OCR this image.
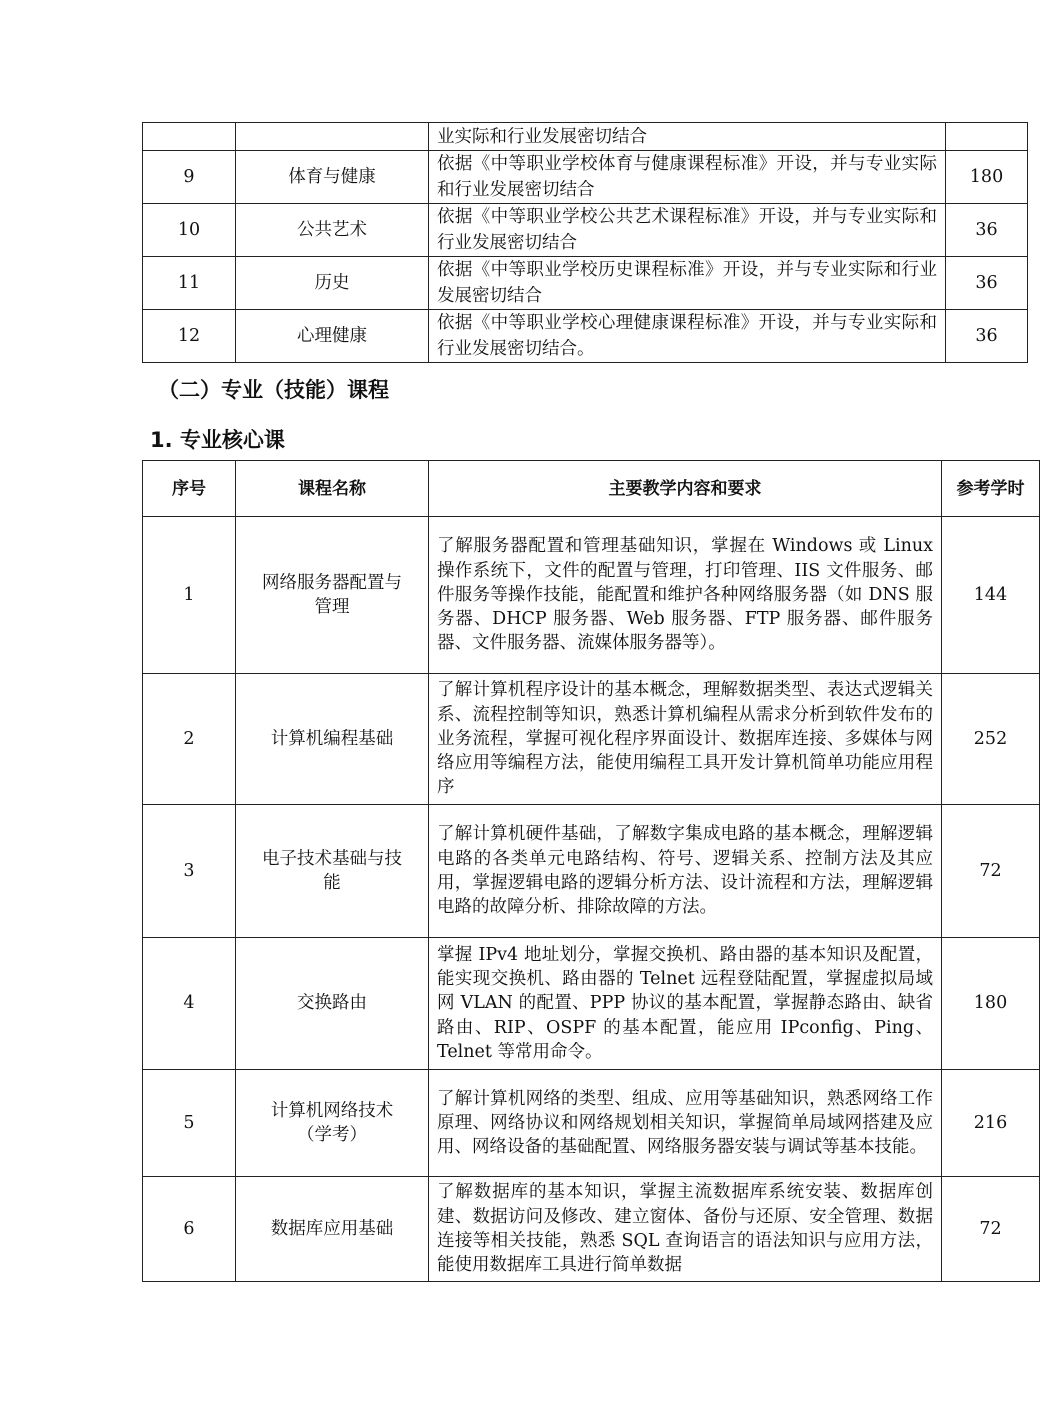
		业实际和行业发展密切结合	
9	体育与健康	依据《中等职业学校体育与健康课程标准》开设，并与专业实际和行业发展密切结合	180
10	公共艺术	依据《中等职业学校公共艺术课程标准》开设，并与专业实际和行业发展密切结合	36
11	历史	依据《中等职业学校历史课程标准》开设，并与专业实际和行业发展密切结合	36
12	心理健康	依据《中等职业学校心理健康课程标准》开设，并与专业实际和行业发展密切结合。	36
（二）专业（技能）课程
1. 专业核心课
序号	课程名称	主要教学内容和要求	参考学时
1	网络服务器配置与管理	了解服务器配置和管理基础知识，掌握在 Windows 或 Linux 操作系统下，文件的配置与管理，打印管理、IIS 文件服务、邮件服务等操作技能，能配置和维护各种网络服务器（如 DNS 服务器、DHCP 服务器、Web 服务器、FTP 服务器、邮件服务器、文件服务器、流媒体服务器等）。	144
2	计算机编程基础	了解计算机程序设计的基本概念，理解数据类型、表达式逻辑关系、流程控制等知识，熟悉计算机编程从需求分析到软件发布的业务流程，掌握可视化程序界面设计、数据库连接、多媒体与网络应用等编程方法，能使用编程工具开发计算机简单功能应用程序	252
3	电子技术基础与技能	了解计算机硬件基础，了解数字集成电路的基本概念，理解逻辑电路的各类单元电路结构、符号、逻辑关系、控制方法及其应用，掌握逻辑电路的逻辑分析方法、设计流程和方法，理解逻辑电路的故障分析、排除故障的方法。	72
4	交换路由	掌握 IPv4 地址划分，掌握交换机、路由器的基本知识及配置，能实现交换机、路由器的 Telnet 远程登陆配置，掌握虚拟局域网 VLAN 的配置、PPP 协议的基本配置，掌握静态路由、缺省路由、RIP、OSPF 的基本配置，能应用 IPconfig、Ping、Telnet 等常用命令。	180
5	计算机网络技术（学考）	了解计算机网络的类型、组成、应用等基础知识，熟悉网络工作原理、网络协议和网络规划相关知识，掌握简单局域网搭建及应用、网络设备的基础配置、网络服务器安装与调试等基本技能。	216
6	数据库应用基础	了解数据库的基本知识，掌握主流数据库系统安装、数据库创建、数据访问及修改、建立窗体、备份与还原、安全管理、数据连接等相关技能，熟悉 SQL 查询语言的语法知识与应用方法，能使用数据库工具进行简单数据	72
